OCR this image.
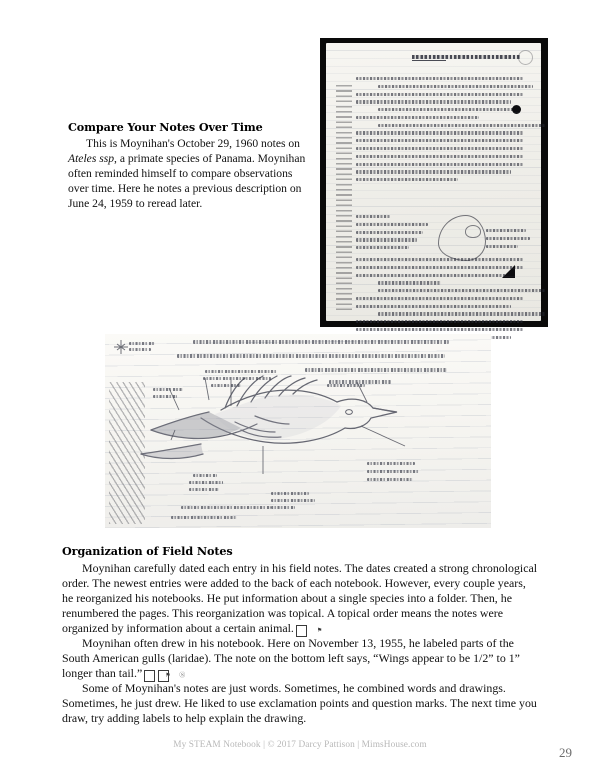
Compare Your Notes Over Time

This is Moynihan's October 29, 1960 notes on Ateles ssp, a primate species of Panama. Moynihan often reminded himself to compare observations over time. Here he notes a previous description on June 24, 1959 to reread later.

Organization of Field Notes

Moynihan carefully dated each entry in his field notes. The dates created a strong chronological order. The newest entries were added to the back of each notebook. However, every couple years, he reorganized his notebooks. He put information about a single species into a folder. Then, he renumbered the pages. This reorganization was topical. A topical order means the notes were organized by information about a certain animal.	⚑

Moynihan often drew in his notebook. Here on November 13, 1955, he labeled parts of the South American gulls (laridae). The note on the bottom left says, “Wings appear to be 1/2” to 1” longer than tail.”	⚑ Ⓢ

Some of Moynihan's notes are just words. Sometimes, he combined words and drawings. Sometimes, he just drew. He liked to use exclamation points and question marks. The next time you draw, try adding labels to help explain the drawing.

My STEAM Notebook | © 2017 Darcy Pattison | MimsHouse.com	29
